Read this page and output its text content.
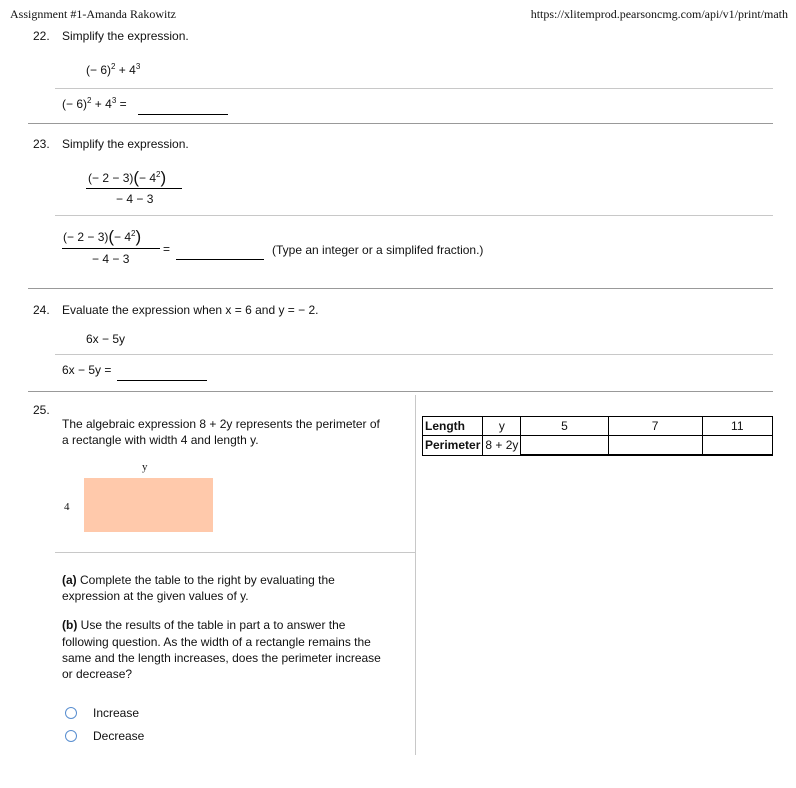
Assignment #1-Amanda Rakowitz	https://xlitemprod.pearsoncmg.com/api/v1/print/math
22. Simplify the expression.
(− $6)^2 + 4^3$
(− $6)^2 + 4^3$ =
23. Simplify the expression.
(− $2 - 3)(- 4^2)$
− 4 − 3
(− $2 - 3)(- 4^2)$
− 4 − 3
=	(Type an integer or a simplifed fraction.)
24. Evaluate the expression when x = 6 and y = − 2.
6x − 5y
6x − 5y =
25.
The algebraic expression 8 + 2y represents the perimeter of
a rectangle with width 4 and length y.
y
4
(a) Complete the table to the right by evaluating the
expression at the given values of y.
(b) Use the results of the table in part a to answer the
following question. As the width of a rectangle remains the
same and the length increases, does the perimeter increase
or decrease?
Increase
Decrease
Length	y	5	7	11
Perimeter	8 + 2y			
